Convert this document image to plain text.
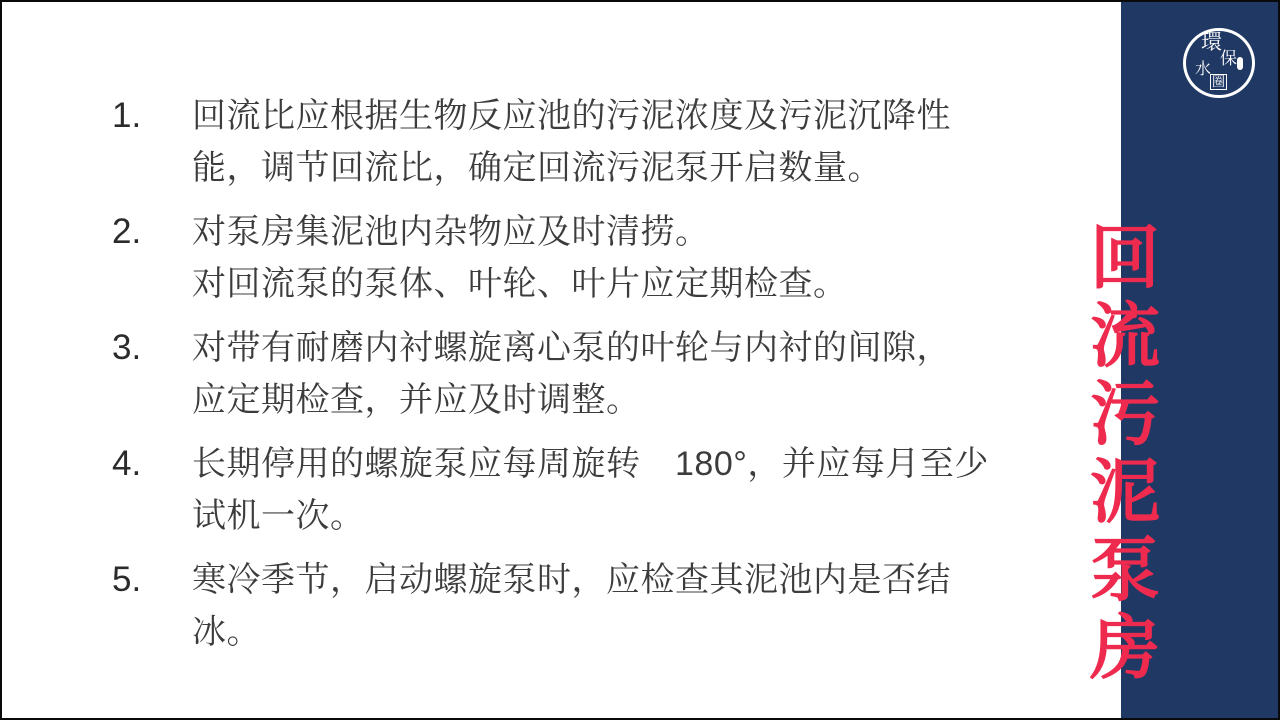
環
保
水
圈
回
流
污
泥
泵
房
1.	回流比应根据生物反应池的污泥浓度及污泥沉降性
能，调节回流比，确定回流污泥泵开启数量。
2.	对泵房集泥池内杂物应及时清捞。
对回流泵的泵体、叶轮、叶片应定期检查。
3.	对带有耐磨内衬螺旋离心泵的叶轮与内衬的间隙，
应定期检查，并应及时调整。
4.	长期停用的螺旋泵应每周旋转　180°，并应每月至少
试机一次。
5.	寒冷季节，启动螺旋泵时，应检查其泥池内是否结
冰。
